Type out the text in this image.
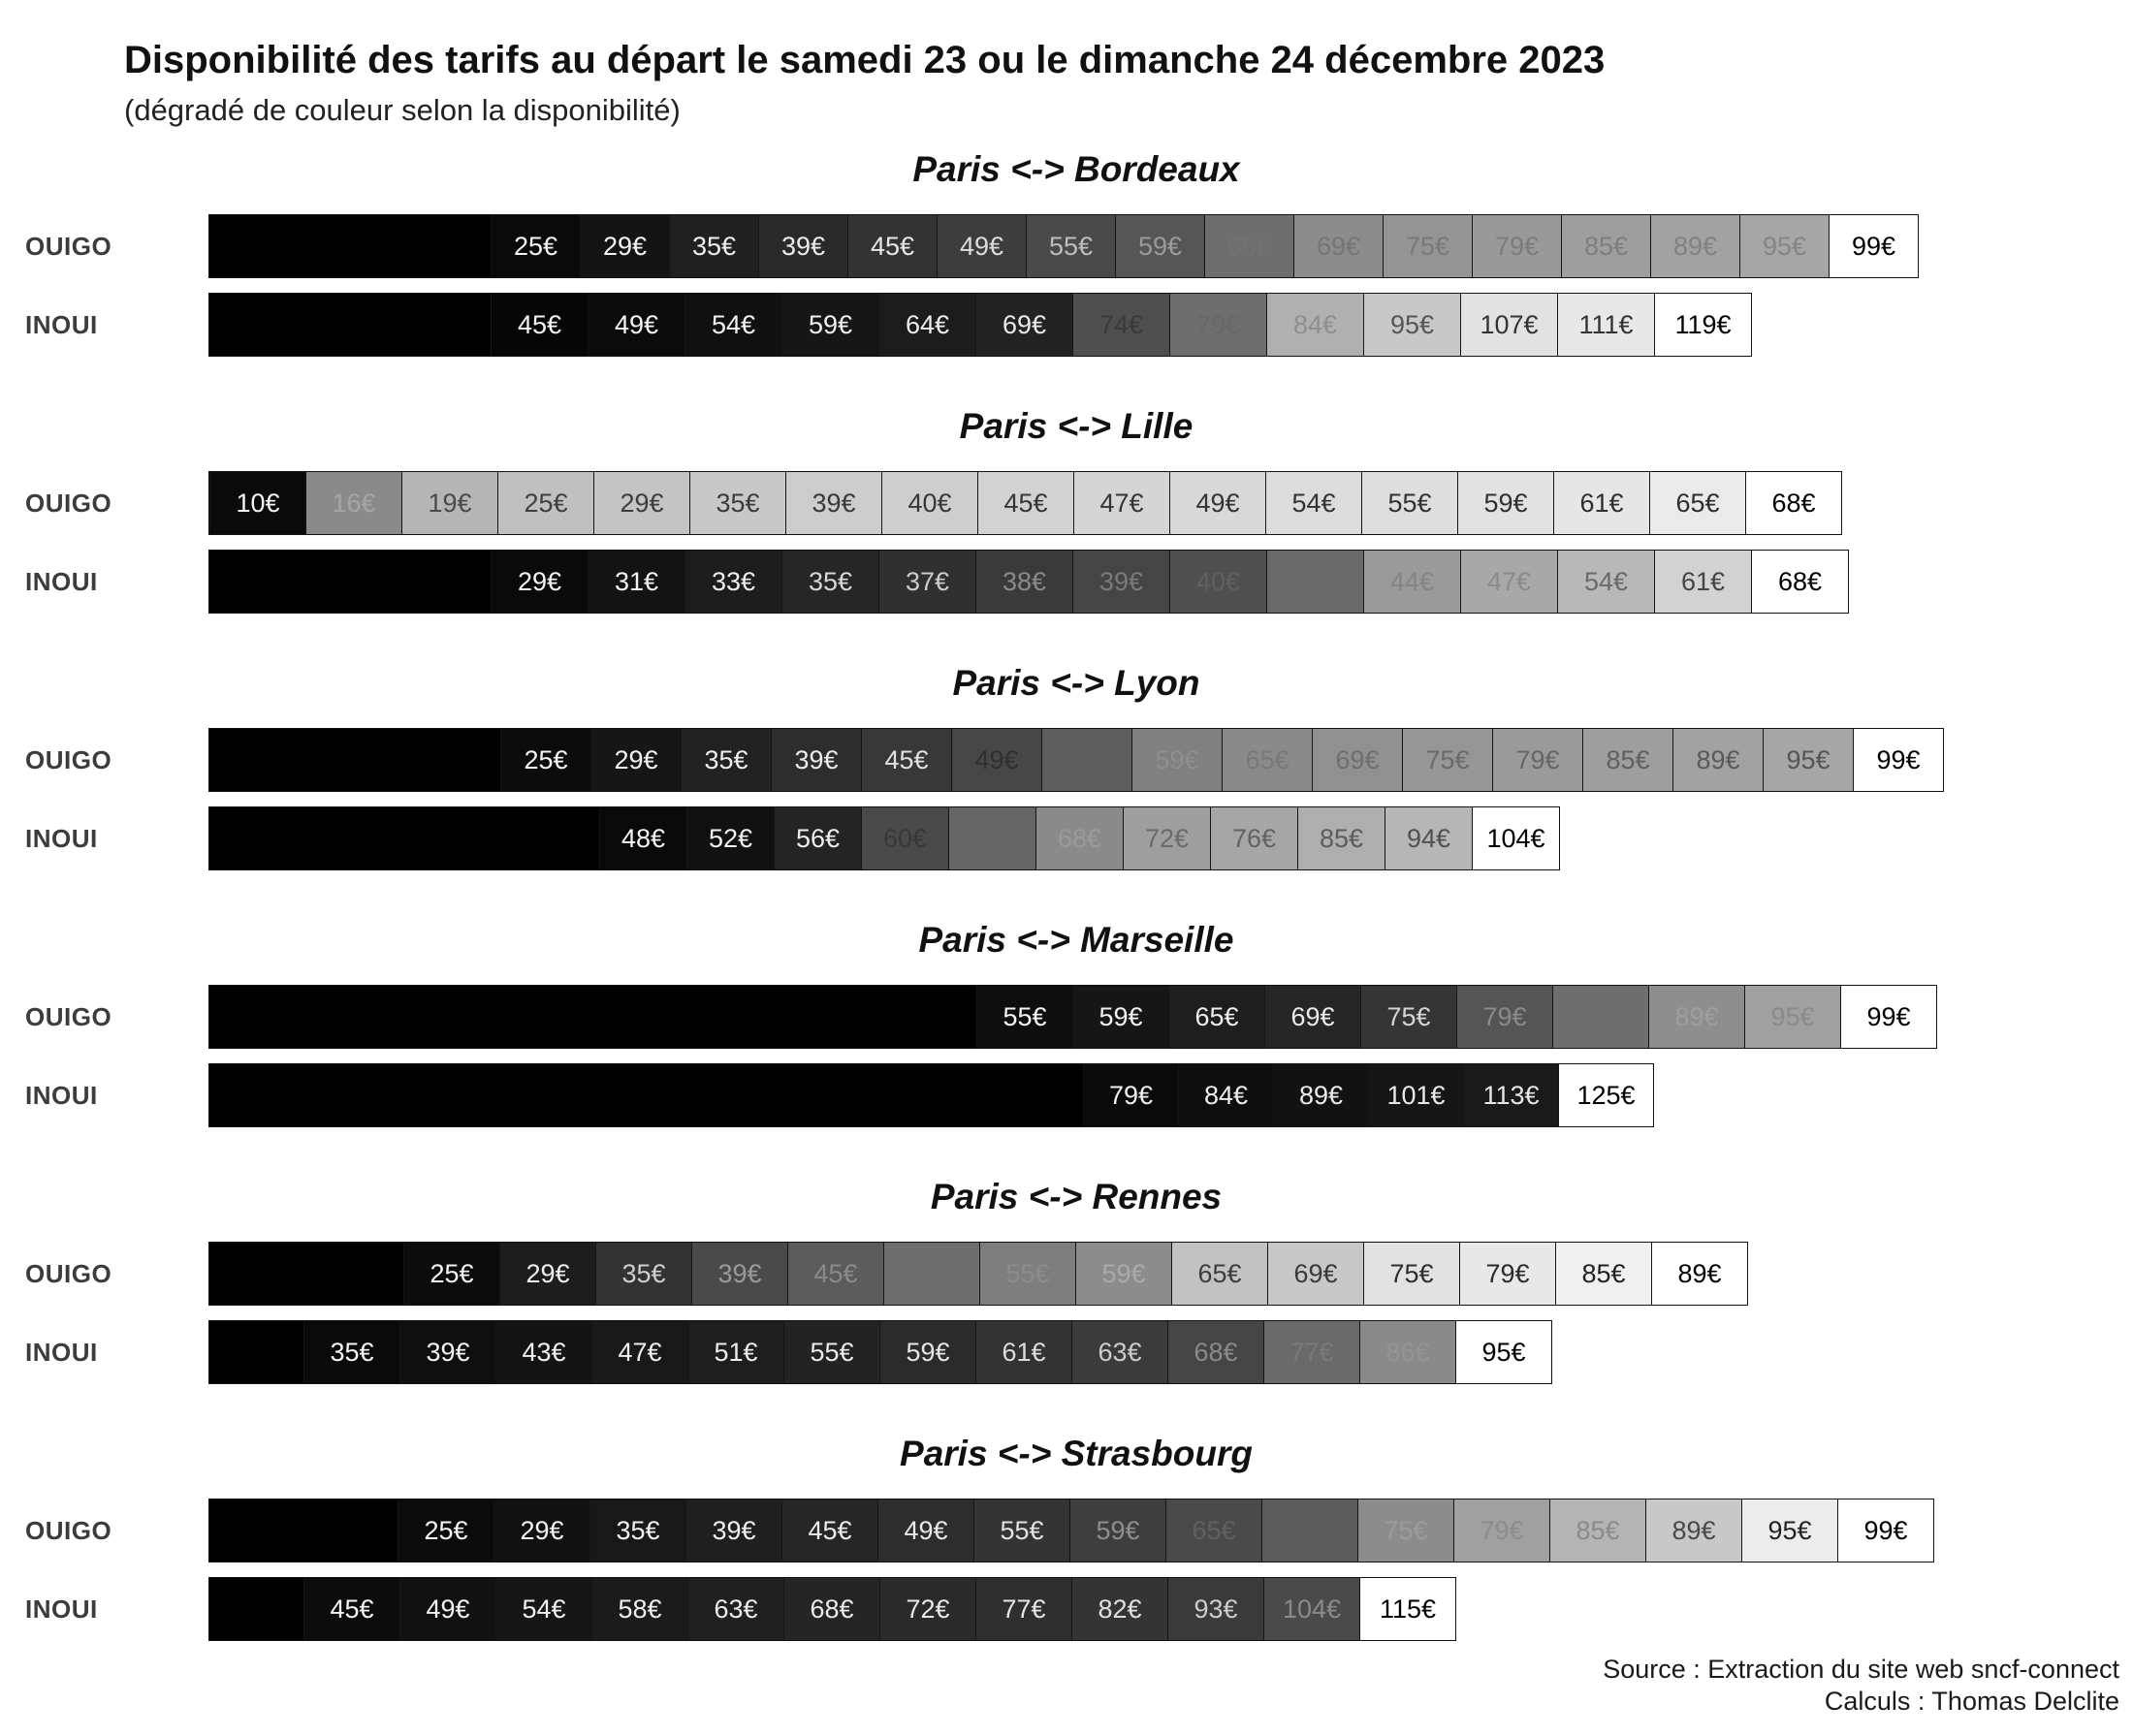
Disponibilité des tarifs au départ le samedi 23 ou le dimanche 24 décembre 2023

(dégradé de couleur selon la disponibilité)

Paris <-> Bordeaux
OUIGO	25€	29€	35€	39€	45€	49€	55€	59€	65€	69€	75€	79€	85€	89€	95€	99€
INOUI	45€	49€	54€	59€	64€	69€	74€	79€	84€	95€	107€	111€	119€
Paris <-> Lille
OUIGO	10€	16€	19€	25€	29€	35€	39€	40€	45€	47€	49€	54€	55€	59€	61€	65€	68€
INOUI	29€	31€	33€	35€	37€	38€	39€	40€	42€	44€	47€	54€	61€	68€
Paris <-> Lyon
OUIGO	25€	29€	35€	39€	45€	49€	55€	59€	65€	69€	75€	79€	85€	89€	95€	99€
INOUI	48€	52€	56€	60€	64€	68€	72€	76€	85€	94€	104€
Paris <-> Marseille
OUIGO	55€	59€	65€	69€	75€	79€	85€	89€	95€	99€
INOUI	79€	84€	89€	101€	113€	125€
Paris <-> Rennes
OUIGO	25€	29€	35€	39€	45€	49€	55€	59€	65€	69€	75€	79€	85€	89€
INOUI	35€	39€	43€	47€	51€	55€	59€	61€	63€	68€	77€	86€	95€
Paris <-> Strasbourg
OUIGO	25€	29€	35€	39€	45€	49€	55€	59€	65€	69€	75€	79€	85€	89€	95€	99€
INOUI	45€	49€	54€	58€	63€	68€	72€	77€	82€	93€	104€	115€
Source : Extraction du site web sncf-connect
Calculs : Thomas Delclite
